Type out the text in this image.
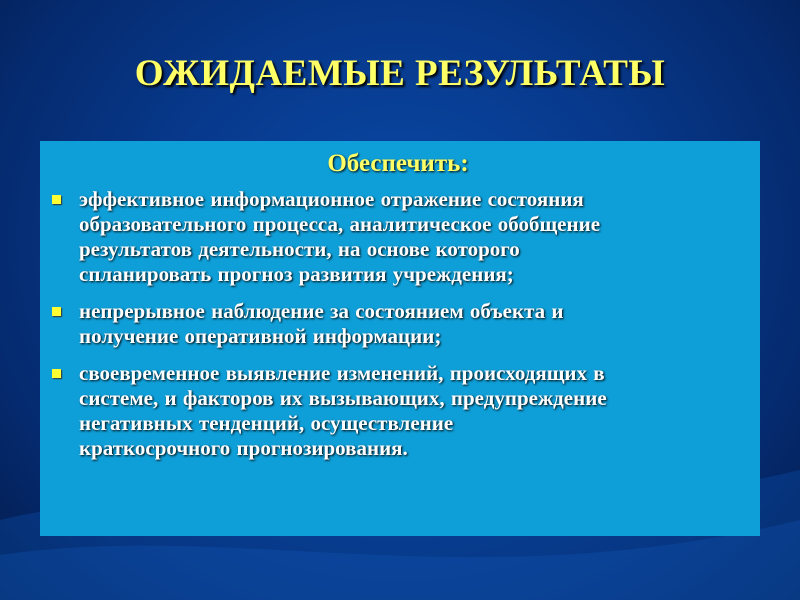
ОЖИДАЕМЫЕ РЕЗУЛЬТАТЫ
Обеспечить:
эффективное информационное отражение состояния
образовательного процесса, аналитическое обобщение
результатов деятельности, на основе которого
спланировать прогноз развития учреждения;
непрерывное наблюдение за состоянием объекта и
получение оперативной информации;
своевременное выявление изменений, происходящих в
системе, и факторов их вызывающих, предупреждение
негативных тенденций, осуществление
краткосрочного прогнозирования.
